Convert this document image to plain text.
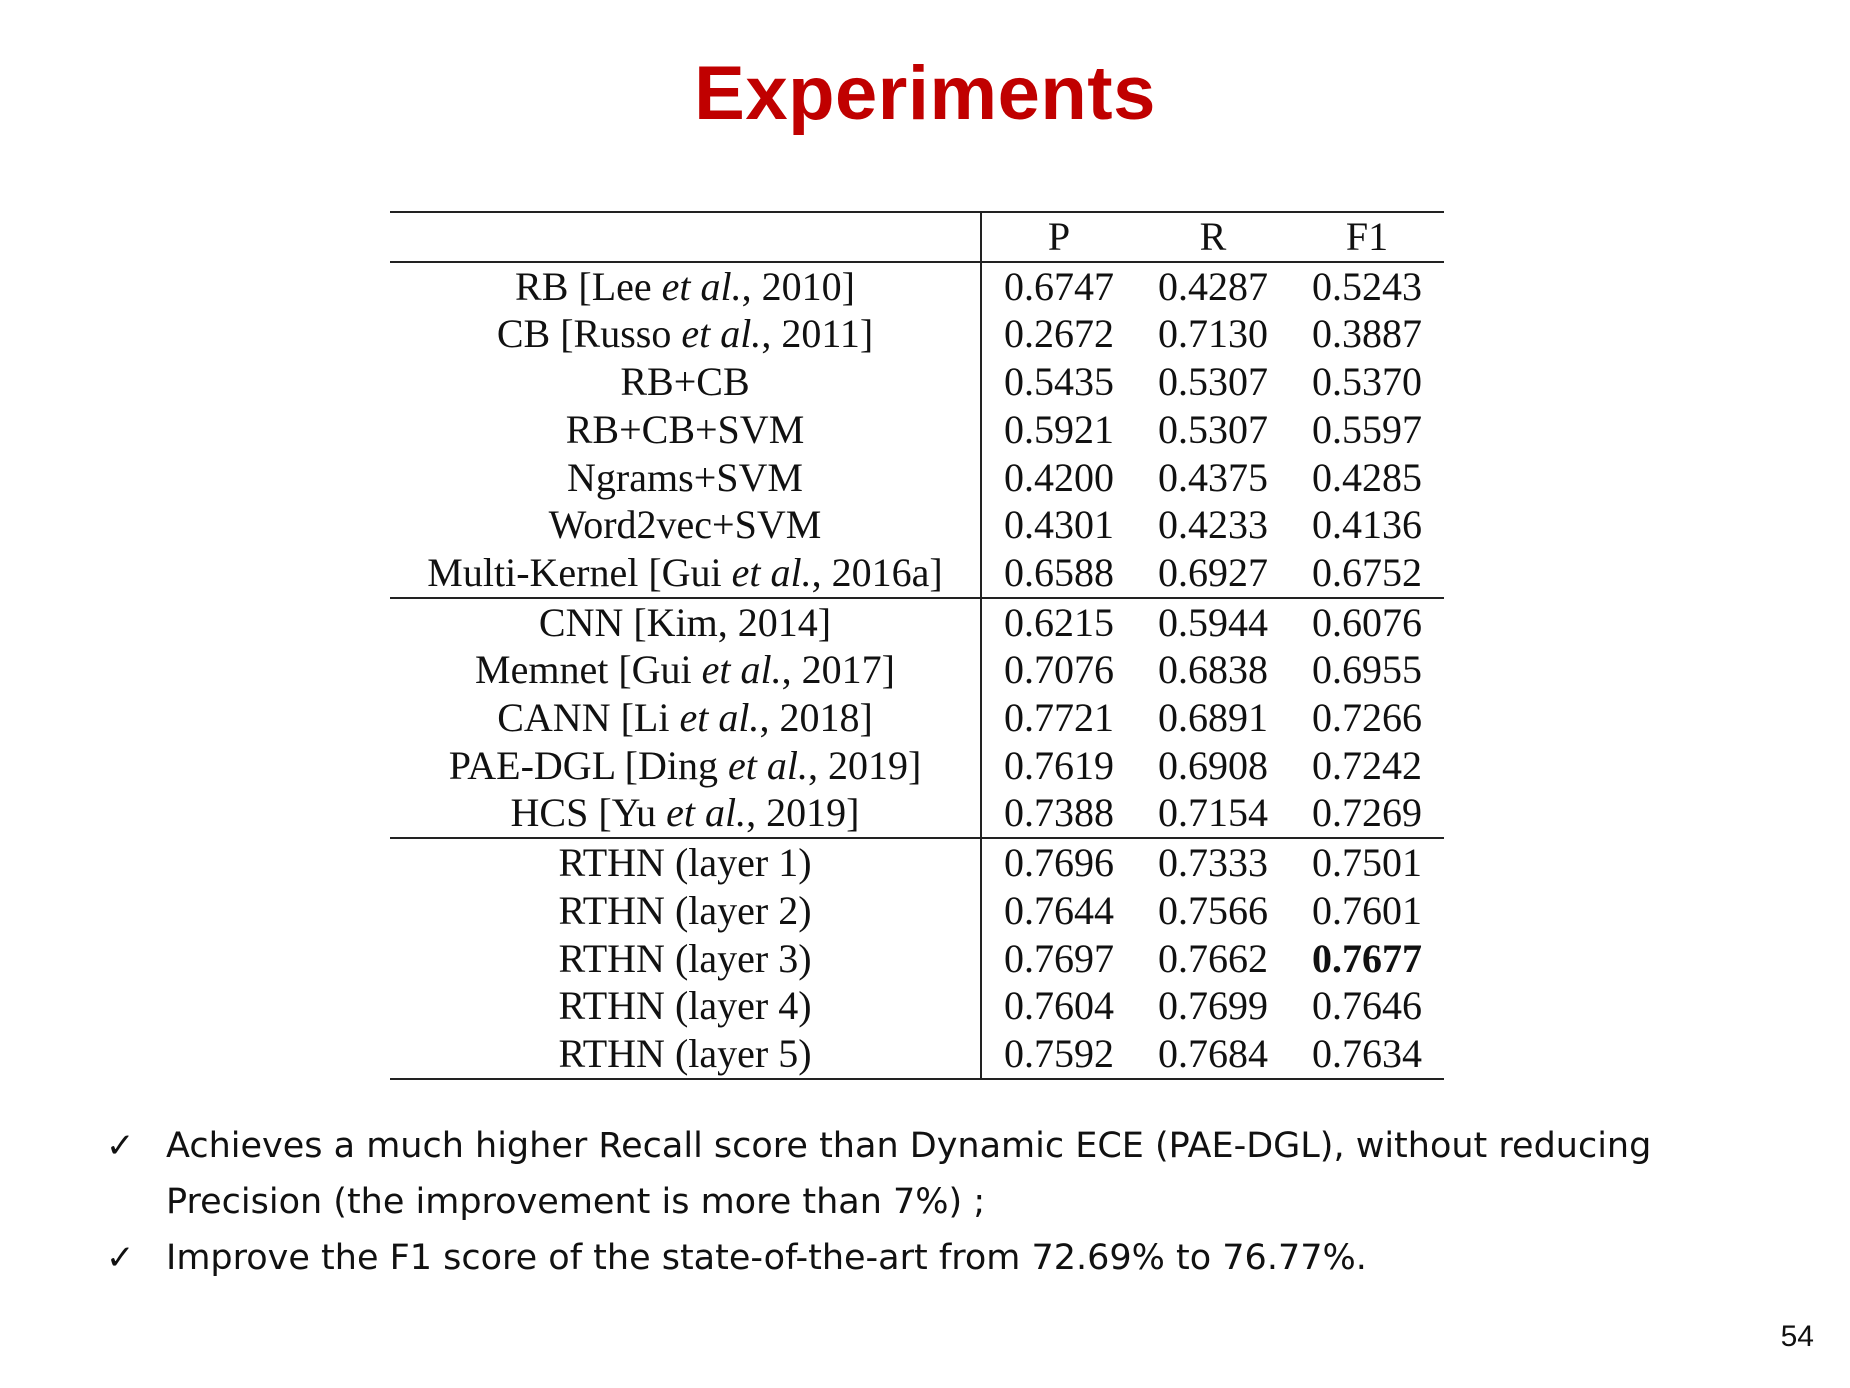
Experiments
	P	R	F1
RB [Lee et al., 2010]	0.6747	0.4287	0.5243
CB [Russo et al., 2011]	0.2672	0.7130	0.3887
RB+CB	0.5435	0.5307	0.5370
RB+CB+SVM	0.5921	0.5307	0.5597
Ngrams+SVM	0.4200	0.4375	0.4285
Word2vec+SVM	0.4301	0.4233	0.4136
Multi-Kernel [Gui et al., 2016a]	0.6588	0.6927	0.6752
CNN [Kim, 2014]	0.6215	0.5944	0.6076
Memnet [Gui et al., 2017]	0.7076	0.6838	0.6955
CANN [Li et al., 2018]	0.7721	0.6891	0.7266
PAE-DGL [Ding et al., 2019]	0.7619	0.6908	0.7242
HCS [Yu et al., 2019]	0.7388	0.7154	0.7269
RTHN (layer 1)	0.7696	0.7333	0.7501
RTHN (layer 2)	0.7644	0.7566	0.7601
RTHN (layer 3)	0.7697	0.7662	0.7677
RTHN (layer 4)	0.7604	0.7699	0.7646
RTHN (layer 5)	0.7592	0.7684	0.7634
✓ Achieves a much higher Recall score than Dynamic ECE (PAE-DGL), without reducing
Precision (the improvement is more than 7%) ;
✓ Improve the F1 score of the state-of-the-art from 72.69% to 76.77%.
54
